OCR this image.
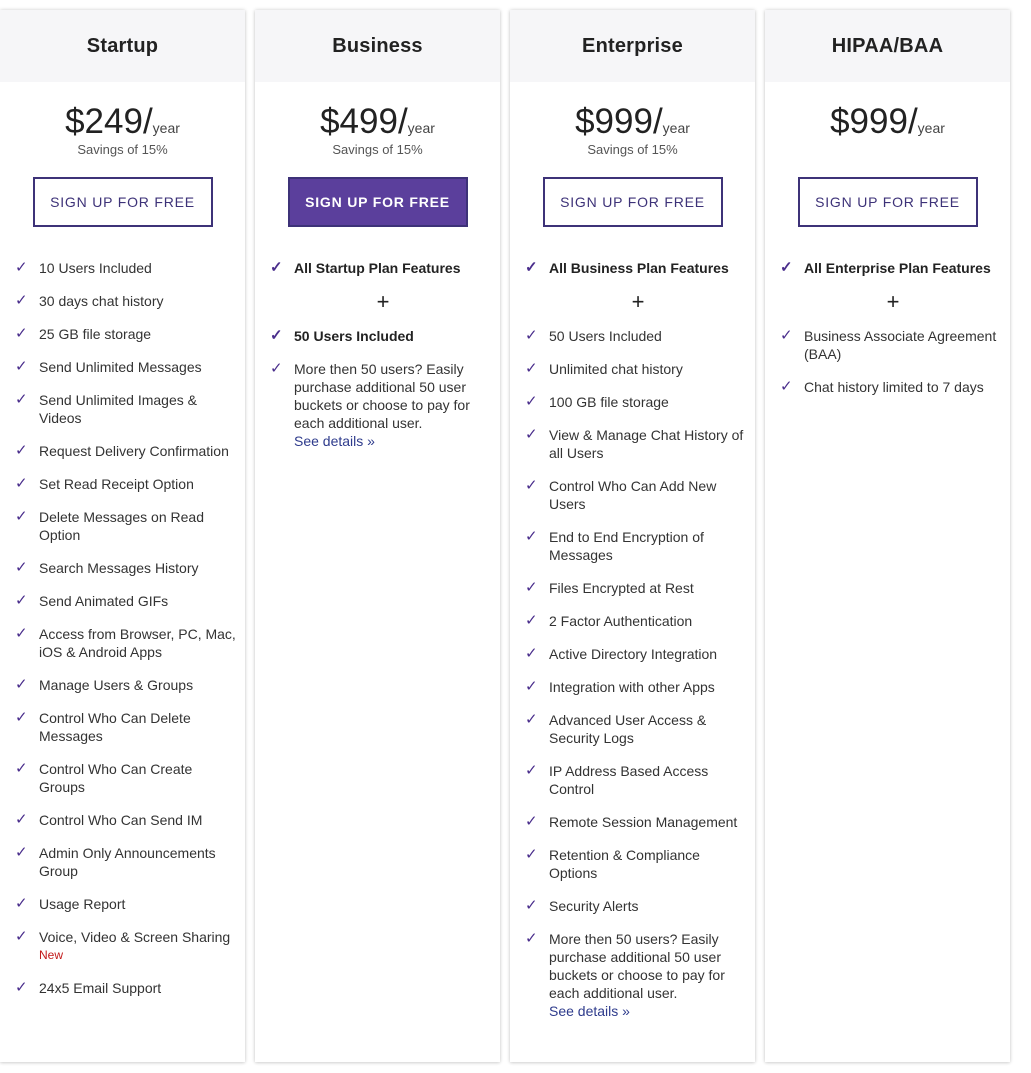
Startup
$249/year
Savings of 15%
SIGN UP FOR FREE
✓ 10 Users Included
✓ 30 days chat history
✓ 25 GB file storage
✓ Send Unlimited Messages
✓ Send Unlimited Images & Videos
✓ Request Delivery Confirmation
✓ Set Read Receipt Option
✓ Delete Messages on Read Option
✓ Search Messages History
✓ Send Animated GIFs
✓ Access from Browser, PC, Mac, iOS & Android Apps
✓ Manage Users & Groups
✓ Control Who Can Delete Messages
✓ Control Who Can Create Groups
✓ Control Who Can Send IM
✓ Admin Only Announcements Group
✓ Usage Report
✓ Voice, Video & Screen Sharing
New
✓ 24x5 Email Support
Business
$499/year
Savings of 15%
SIGN UP FOR FREE
✓ All Startup Plan Features
+
✓ 50 Users Included
✓ More then 50 users? Easily purchase additional 50 user buckets or choose to pay for each additional user.
See details »
Enterprise
$999/year
Savings of 15%
SIGN UP FOR FREE
✓ All Business Plan Features
+
✓ 50 Users Included
✓ Unlimited chat history
✓ 100 GB file storage
✓ View & Manage Chat History of all Users
✓ Control Who Can Add New Users
✓ End to End Encryption of Messages
✓ Files Encrypted at Rest
✓ 2 Factor Authentication
✓ Active Directory Integration
✓ Integration with other Apps
✓ Advanced User Access & Security Logs
✓ IP Address Based Access Control
✓ Remote Session Management
✓ Retention & Compliance Options
✓ Security Alerts
✓ More then 50 users? Easily purchase additional 50 user buckets or choose to pay for each additional user.
See details »
HIPAA/BAA
$999/year
SIGN UP FOR FREE
✓ All Enterprise Plan Features
+
✓ Business Associate Agreement (BAA)
✓ Chat history limited to 7 days
